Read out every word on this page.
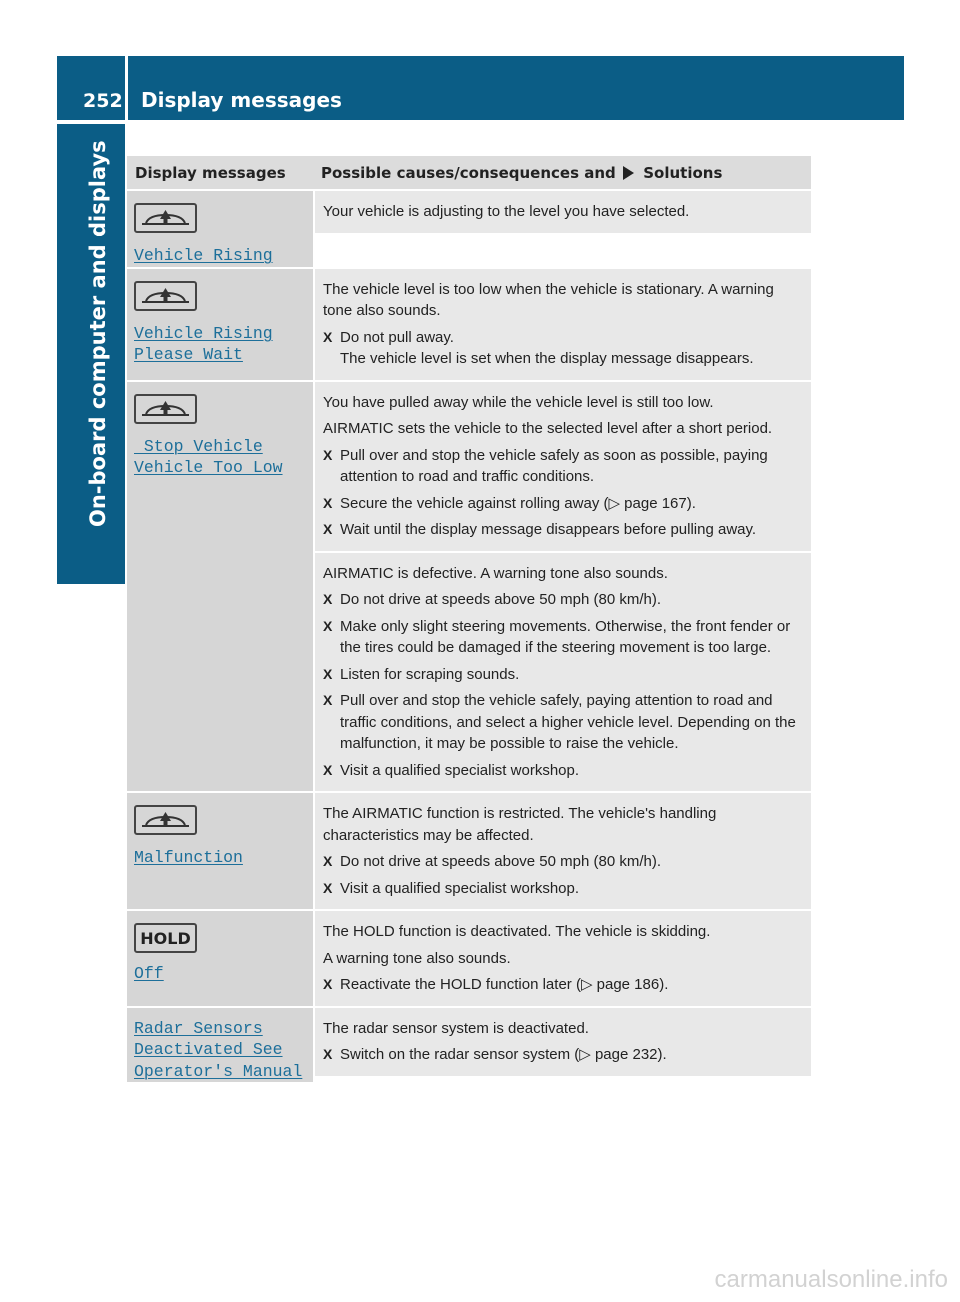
252 Display messages
On-board computer and displays	Display messages	Possible causes/consequences and Solutions
Vehicle Rising

Your vehicle is adjusting to the level you have selected.

Vehicle Rising
Please Wait

The vehicle level is too low when the vehicle is stationary. A warning tone also sounds.

X Do not pull away.
The vehicle level is set when the display message disappears.
Stop Vehicle
Vehicle Too Low

You have pulled away while the vehicle level is still too low.

AIRMATIC sets the vehicle to the selected level after a short period.

X Pull over and stop the vehicle safely as soon as possible, paying attention to road and traffic conditions.
X Secure the vehicle against rolling away (▷ page 167).
X Wait until the display message disappears before pulling away.

AIRMATIC is defective. A warning tone also sounds.

X Do not drive at speeds above 50 mph (80 km/h).
X Make only slight steering movements. Otherwise, the front fender or the tires could be damaged if the steering movement is too large.
X Listen for scraping sounds.
X Pull over and stop the vehicle safely, paying attention to road and traffic conditions, and select a higher vehicle level. Depending on the malfunction, it may be possible to raise the vehicle.
X Visit a qualified specialist workshop.
Malfunction

The AIRMATIC function is restricted. The vehicle's handling characteristics may be affected.

X Do not drive at speeds above 50 mph (80 km/h).
X Visit a qualified specialist workshop.
HOLD
Off

The HOLD function is deactivated. The vehicle is skidding.

A warning tone also sounds.

X Reactivate the HOLD function later (▷ page 186).
Radar Sensors
Deactivated See
Operator's Manual

The radar sensor system is deactivated.

X Switch on the radar sensor system (▷ page 232).
carmanualsonline.info
